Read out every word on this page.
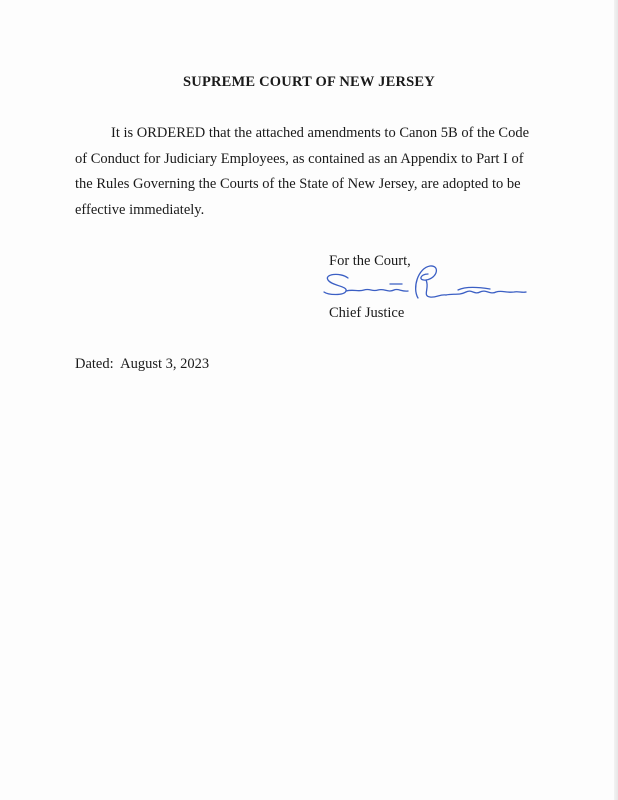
SUPREME COURT OF NEW JERSEY
It is ORDERED that the attached amendments to Canon 5B of the Code
of Conduct for Judiciary Employees, as contained as an Appendix to Part I of
the Rules Governing the Courts of the State of New Jersey, are adopted to be
effective immediately.
For the Court,
Chief Justice
Dated: August 3, 2023
